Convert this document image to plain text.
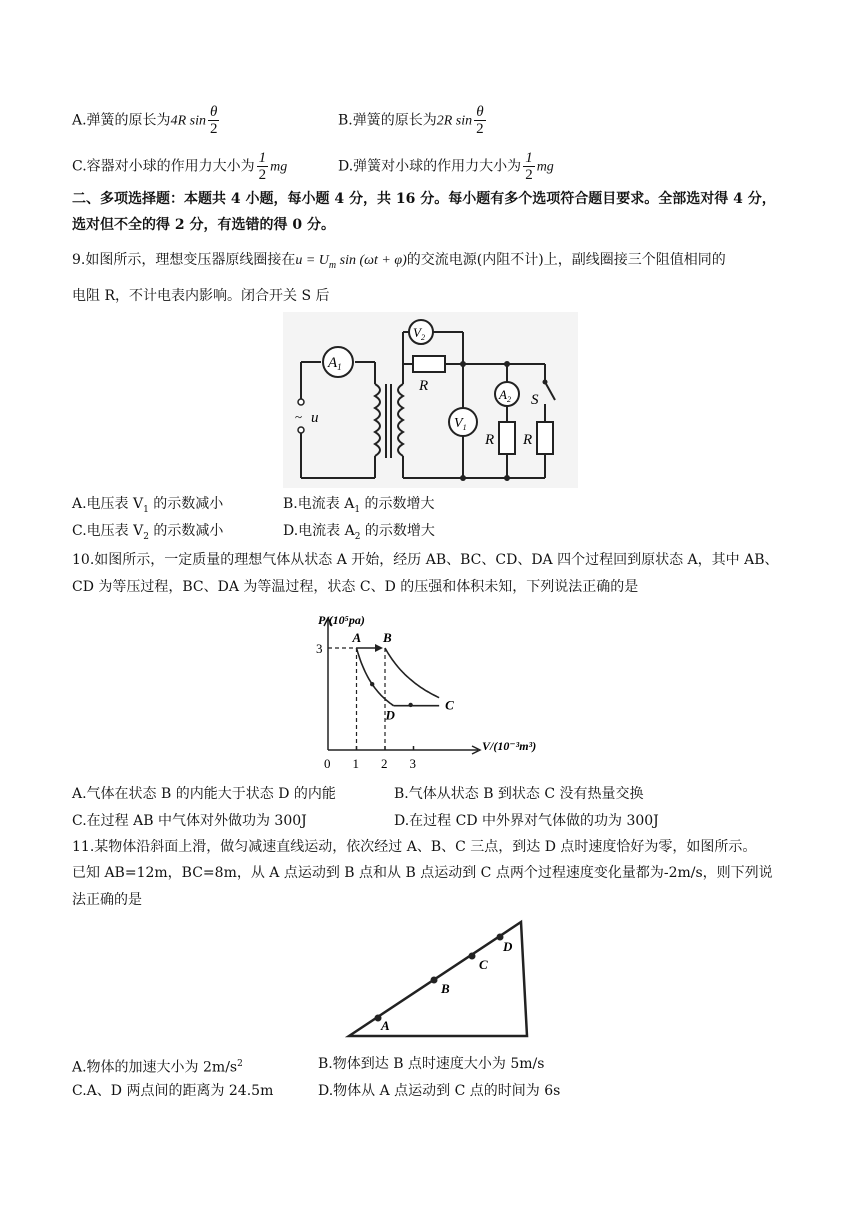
A.弹簧的原长为4R $\sin \frac{\theta}{2}$	B.弹簧的原长为2R $\sin \frac{\theta}{2}$
C.容器对小球的作用力大小为 $\frac{1}{2}$ mg	D.弹簧对小球的作用力大小为 $\frac{1}{2}$ mg
二、多项选择题：本题共 4 小题，每小题 4 分，共 16 分。每小题有多个选项符合题目要求。全部选对得 4 分，
选对但不全的得 2 分，有选错的得 0 分。
9.如图所示，理想变压器原线圈接在$u = U_m$ sin (ωt + φ)的交流电源(内阻不计)上，副线圈接三个阻值相同的
电阻 R，不计电表内影响。闭合开关 S 后
$A_1$
$V_2$
$V_1$
$A_2$
R
R R
S
u
~
A.电压表 $V_1$ 的示数减小	B.电流表 $A_1$ 的示数增大
C.电压表 $V_2$ 的示数减小	D.电流表 $A_2$ 的示数增大
10.如图所示，一定质量的理想气体从状态 A 开始，经历 AB、BC、CD、DA 四个过程回到原状态 A，其中 AB、
CD 为等压过程，BC、DA 为等温过程，状态 C、D 的压强和体积未知，下列说法正确的是
0 1 2 3
3
A B
C
D
P/(10⁵pa)
V/(10⁻³m³)
A.气体在状态 B 的内能大于状态 D 的内能	B.气体从状态 B 到状态 C 没有热量交换
C.在过程 AB 中气体对外做功为 300J	D.在过程 CD 中外界对气体做的功为 300J
11.某物体沿斜面上滑，做匀减速直线运动，依次经过 A、B、C 三点，到达 D 点时速度恰好为零，如图所示。
已知 AB=12m，BC=8m，从 A 点运动到 B 点和从 B 点运动到 C 点两个过程速度变化量都为-2m/s，则下列说
法正确的是
A
B
C
D
A.物体的加速大小为 $2m/s^2$	B.物体到达 B 点时速度大小为 5m/s
C.A、D 两点间的距离为 24.5m	D.物体从 A 点运动到 C 点的时间为 6s
